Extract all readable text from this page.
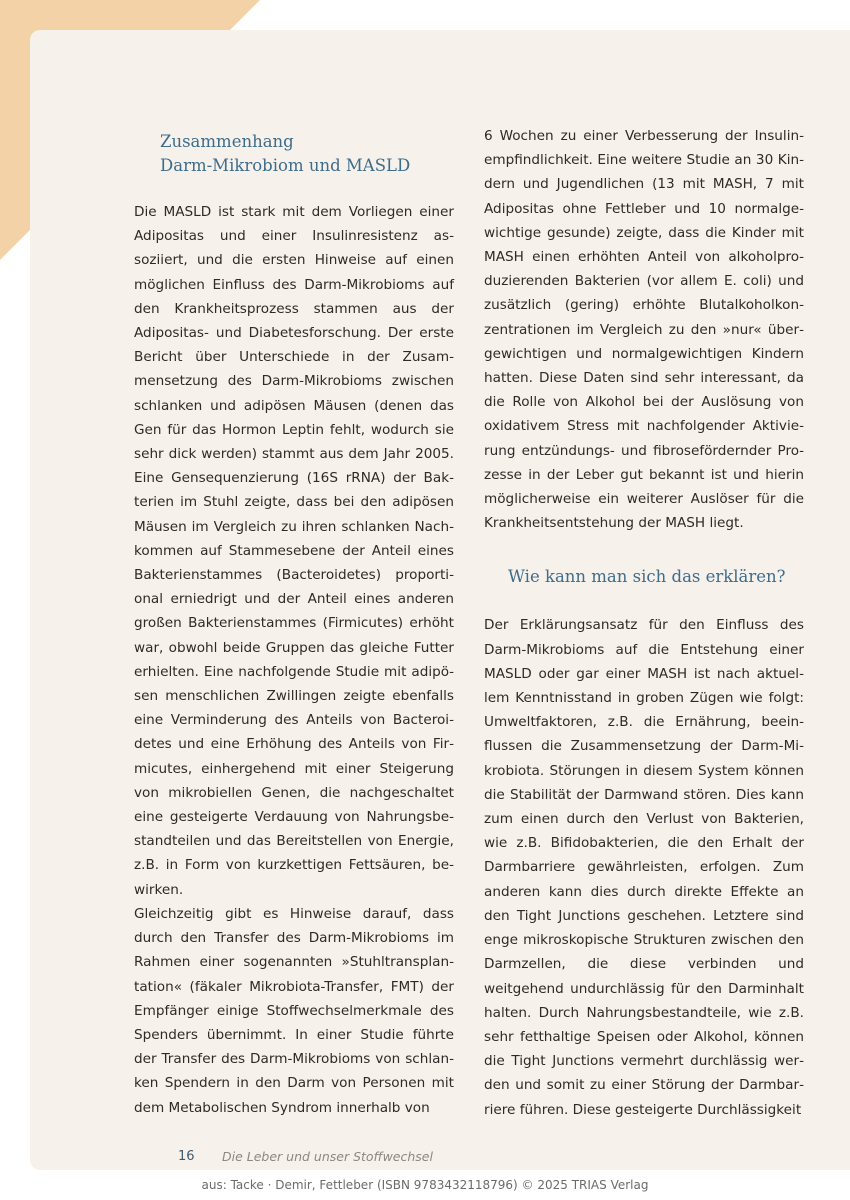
Zusammenhang
Darm-Mikrobiom und MASLD

Die MASLD ist stark mit dem Vorliegen einer Adipositas und einer Insulinresistenz assoziiert, und die ersten Hinweise auf einen möglichen Einfluss des Darm-Mikrobioms auf den Krankheitsprozess stammen aus der Adipositas- und Diabetesforschung. Der erste Bericht über Unterschiede in der Zusammensetzung des Darm-Mikrobioms zwischen schlanken und adipösen Mäusen (denen das Gen für das Hormon Leptin fehlt, wodurch sie sehr dick werden) stammt aus dem Jahr 2005. Eine Gensequenzierung (16S rRNA) der Bakterien im Stuhl zeigte, dass bei den adipösen Mäusen im Vergleich zu ihren schlanken Nachkommen auf Stammesebene der Anteil eines Bakterienstammes (Bacteroidetes) proportional erniedrigt und der Anteil eines anderen großen Bakterienstammes (Firmicutes) erhöht war, obwohl beide Gruppen das gleiche Futter erhielten. Eine nachfolgende Studie mit adipösen menschlichen Zwillingen zeigte ebenfalls eine Verminderung des Anteils von Bacteroidetes und eine Erhöhung des Anteils von Firmicutes, einhergehend mit einer Steigerung von mikrobiellen Genen, die nachgeschaltet eine gesteigerte Verdauung von Nahrungsbestandteilen und das Bereitstellen von Energie, z.B. in Form von kurzkettigen Fettsäuren, bewirken.

Gleichzeitig gibt es Hinweise darauf, dass durch den Transfer des Darm-Mikrobioms im Rahmen einer sogenannten »Stuhltransplantation« (fäkaler Mikrobiota-Transfer, FMT) der Empfänger einige Stoffwechselmerkmale des Spenders übernimmt. In einer Studie führte der Transfer des Darm-Mikrobioms von schlanken Spendern in den Darm von Personen mit dem Metabolischen Syndrom innerhalb von

6 Wochen zu einer Verbesserung der Insulinempfindlichkeit. Eine weitere Studie an 30 Kindern und Jugendlichen (13 mit MASH, 7 mit Adipositas ohne Fettleber und 10 normalgewichtige gesunde) zeigte, dass die Kinder mit MASH einen erhöhten Anteil von alkoholproduzierenden Bakterien (vor allem E. coli) und zusätzlich (gering) erhöhte Blutalkoholkonzentrationen im Vergleich zu den »nur« übergewichtigen und normalgewichtigen Kindern hatten. Diese Daten sind sehr interessant, da die Rolle von Alkohol bei der Auslösung von oxidativem Stress mit nachfolgender Aktivierung entzündungs- und fibrosefördernder Prozesse in der Leber gut bekannt ist und hierin möglicherweise ein weiterer Auslöser für die Krankheitsentstehung der MASH liegt.

Wie kann man sich das erklären?

Der Erklärungsansatz für den Einfluss des Darm-Mikrobioms auf die Entstehung einer MASLD oder gar einer MASH ist nach aktuellem Kenntnisstand in groben Zügen wie folgt: Umweltfaktoren, z.B. die Ernährung, beeinflussen die Zusammensetzung der Darm-Mikrobiota. Störungen in diesem System können die Stabilität der Darmwand stören. Dies kann zum einen durch den Verlust von Bakterien, wie z.B. Bifidobakterien, die den Erhalt der Darmbarriere gewährleisten, erfolgen. Zum anderen kann dies durch direkte Effekte an den Tight Junctions geschehen. Letztere sind enge mikroskopische Strukturen zwischen den Darmzellen, die diese verbinden und weitgehend undurchlässig für den Darminhalt halten. Durch Nahrungsbestandteile, wie z.B. sehr fetthaltige Speisen oder Alkohol, können die Tight Junctions vermehrt durchlässig werden und somit zu einer Störung der Darmbarriere führen. Diese gesteigerte Durchlässigkeit

16 Die Leber und unser Stoffwechsel
aus: Tacke · Demir, Fettleber (ISBN 9783432118796) © 2025 TRIAS Verlag
